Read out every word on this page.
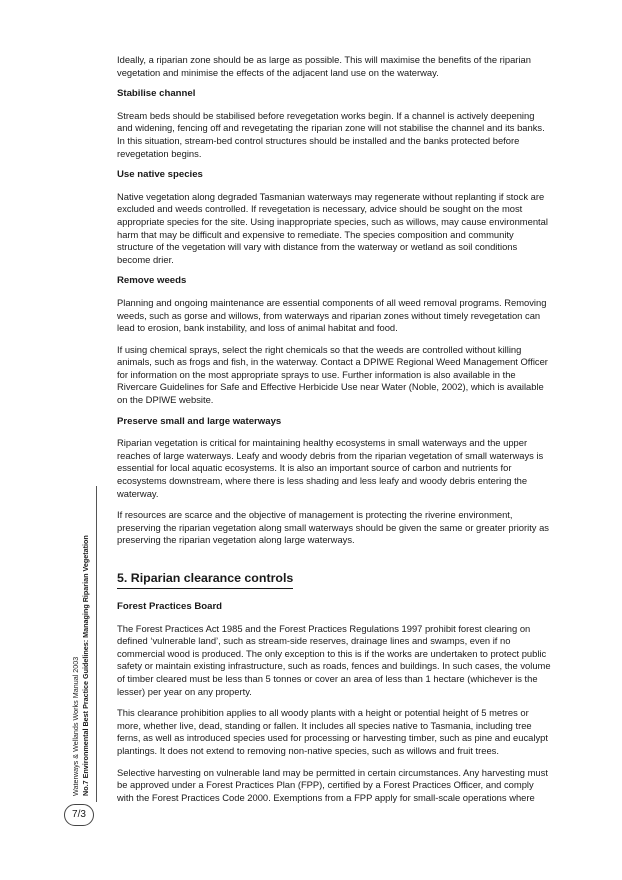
Ideally, a riparian zone should be as large as possible. This will maximise the benefits of the riparian vegetation and minimise the effects of the adjacent land use on the waterway.

Stabilise channel

Stream beds should be stabilised before revegetation works begin. If a channel is actively deepening and widening, fencing off and revegetating the riparian zone will not stabilise the channel and its banks. In this situation, stream-bed control structures should be installed and the banks protected before revegetation begins.

Use native species

Native vegetation along degraded Tasmanian waterways may regenerate without replanting if stock are excluded and weeds controlled. If revegetation is necessary, advice should be sought on the most appropriate species for the site. Using inappropriate species, such as willows, may cause environmental harm that may be difficult and expensive to remediate. The species composition and community structure of the vegetation will vary with distance from the waterway or wetland as soil conditions become drier.

Remove weeds

Planning and ongoing maintenance are essential components of all weed removal programs. Removing weeds, such as gorse and willows, from waterways and riparian zones without timely revegetation can lead to erosion, bank instability, and loss of animal habitat and food.

If using chemical sprays, select the right chemicals so that the weeds are controlled without killing animals, such as frogs and fish, in the waterway. Contact a DPIWE Regional Weed Management Officer for information on the most appropriate sprays to use. Further information is also available in the Rivercare Guidelines for Safe and Effective Herbicide Use near Water (Noble, 2002), which is available on the DPIWE website.

Preserve small and large waterways

Riparian vegetation is critical for maintaining healthy ecosystems in small waterways and the upper reaches of large waterways. Leafy and woody debris from the riparian vegetation of small waterways is essential for local aquatic ecosystems. It is also an important source of carbon and nutrients for ecosystems downstream, where there is less shading and less leafy and woody debris entering the waterway.

If resources are scarce and the objective of management is protecting the riverine environment, preserving the riparian vegetation along small waterways should be given the same or greater priority as preserving the riparian vegetation along large waterways.

5. Riparian clearance controls
Forest Practices Board

The Forest Practices Act 1985 and the Forest Practices Regulations 1997 prohibit forest clearing on defined ‘vulnerable land’, such as stream-side reserves, drainage lines and swamps, even if no commercial wood is produced. The only exception to this is if the works are undertaken to protect public safety or maintain existing infrastructure, such as roads, fences and buildings. In such cases, the volume of timber cleared must be less than 5 tonnes or cover an area of less than 1 hectare (whichever is the lesser) per year on any property.

This clearance prohibition applies to all woody plants with a height or potential height of 5 metres or more, whether live, dead, standing or fallen. It includes all species native to Tasmania, including tree ferns, as well as introduced species used for processing or harvesting timber, such as pine and eucalypt plantings. It does not extend to removing non-native species, such as willows and fruit trees.

Selective harvesting on vulnerable land may be permitted in certain circumstances. Any harvesting must be approved under a Forest Practices Plan (FPP), certified by a Forest Practices Officer, and comply with the Forest Practices Code 2000. Exemptions from a FPP apply for small-scale operations where

Waterways & Wellands Works Manual 2003 No.7 Environmental Best Practice Guidelines: Managing Riparian Vegetation
7/3
